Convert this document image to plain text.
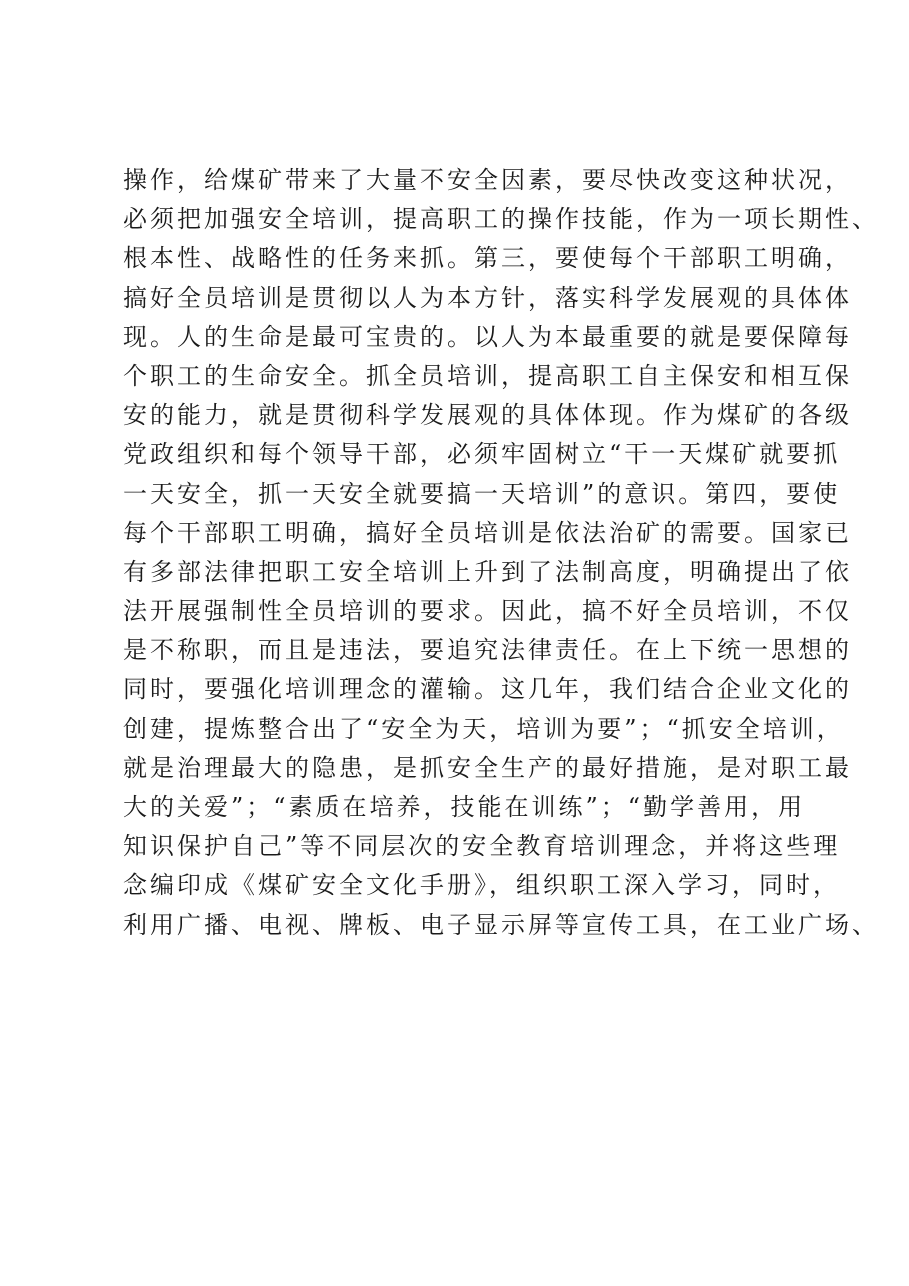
操作，给煤矿带来了大量不安全因素，要尽快改变这种状况，
必须把加强安全培训，提高职工的操作技能，作为一项长期性、
根本性、战略性的任务来抓。第三，要使每个干部职工明确，
搞好全员培训是贯彻以人为本方针，落实科学发展观的具体体
现。人的生命是最可宝贵的。以人为本最重要的就是要保障每
个职工的生命安全。抓全员培训，提高职工自主保安和相互保
安的能力，就是贯彻科学发展观的具体体现。作为煤矿的各级
党政组织和每个领导干部，必须牢固树立“干一天煤矿就要抓
一天安全，抓一天安全就要搞一天培训”的意识。第四，要使
每个干部职工明确，搞好全员培训是依法治矿的需要。国家已
有多部法律把职工安全培训上升到了法制高度，明确提出了依
法开展强制性全员培训的要求。因此，搞不好全员培训，不仅
是不称职，而且是违法，要追究法律责任。在上下统一思想的
同时，要强化培训理念的灌输。这几年，我们结合企业文化的
创建，提炼整合出了“安全为天，培训为要”；“抓安全培训，
就是治理最大的隐患，是抓安全生产的最好措施，是对职工最
大的关爱”；“素质在培养，技能在训练”；“勤学善用，用
知识保护自己”等不同层次的安全教育培训理念，并将这些理
念编印成《煤矿安全文化手册》，组织职工深入学习，同时，
利用广播、电视、牌板、电子显示屏等宣传工具，在工业广场、
